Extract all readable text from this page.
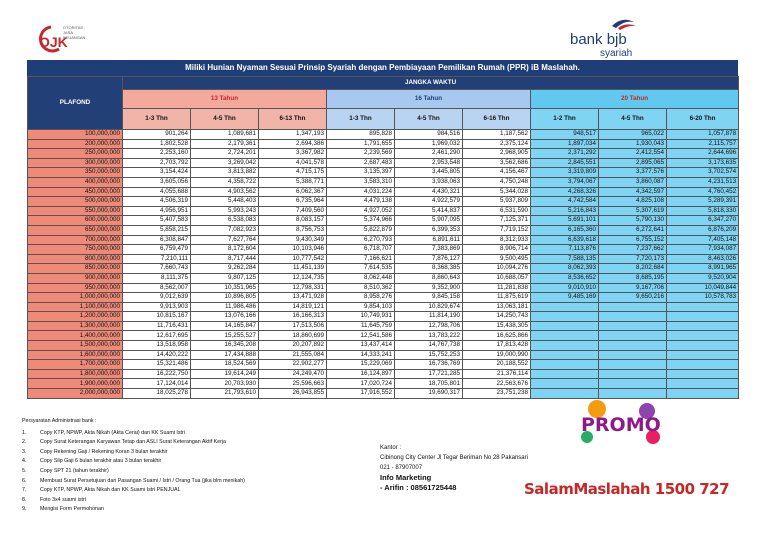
OJK
OTORITAS
JASA
KEUANGAN	bank bjb
syariah
Miliki Hunian Nyaman Sesuai Prinsip Syariah dengan Pembiayaan Pemilikan Rumah (PPR) iB Maslahah.
PLAFOND	JANGKA WAKTU								
	13 Tahun			16 Tahun			20 Tahun		
	1-3 Thn	4-5 Thn	6-13 Thn	1-3 Thn	4-5 Thn	6-16 Thn	1-2 Thn	4-5 Thn	6-20 Thn
100,000,000	901,264	1,089,681	1,347,193	895,828	984,516	1,187,562	948,517	965,022	1,057,878
200,000,000	1,802,528	2,179,361	2,694,386	1,791,655	1,969,032	2,375,124	1,897,034	1,930,043	2,115,757
250,000,000	2,253,160	2,724,201	3,367,982	2,239,569	2,461,290	2,968,905	2,371,292	2,412,554	2,644,696
300,000,000	2,703,792	3,269,042	4,041,578	2,687,483	2,953,548	3,562,686	2,845,551	2,895,065	3,173,635
350,000,000	3,154,424	3,813,882	4,715,175	3,135,397	3,445,805	4,156,467	3,319,809	3,377,576	3,702,574
400,000,000	3,605,056	4,358,722	5,388,771	3,583,310	3,938,063	4,750,248	3,794,067	3,860,087	4,231,513
450,000,000	4,055,688	4,903,562	6,062,367	4,031,224	4,430,321	5,344,028	4,268,326	4,342,597	4,760,452
500,000,000	4,506,319	5,448,403	6,735,964	4,479,138	4,922,579	5,937,809	4,742,584	4,825,108	5,289,391
550,000,000	4,956,951	5,993,243	7,409,560	4,927,052	5,414,837	6,531,590	5,216,843	5,307,619	5,818,330
600,000,000	5,407,583	6,538,083	8,083,157	5,374,966	5,907,095	7,125,371	5,691,101	5,790,130	6,347,270
650,000,000	5,858,215	7,082,923	8,756,753	5,822,879	6,399,353	7,719,152	6,165,360	6,272,641	6,876,209
700,000,000	6,308,847	7,627,764	9,430,349	6,270,793	6,891,611	8,312,933	6,639,618	6,755,152	7,405,148
750,000,000	6,759,479	8,172,604	10,103,946	6,718,707	7,383,869	8,906,714	7,113,876	7,237,662	7,934,087
800,000,000	7,210,111	8,717,444	10,777,542	7,166,621	7,876,127	9,500,495	7,588,135	7,720,173	8,463,026
850,000,000	7,660,743	9,262,284	11,451,139	7,614,535	8,368,385	10,094,276	8,062,393	8,202,684	8,991,965
900,000,000	8,111,375	9,807,125	12,124,735	8,062,448	8,860,643	10,688,057	8,536,652	8,685,195	9,520,904
950,000,000	8,562,007	10,351,965	12,798,331	8,510,362	9,352,900	11,281,838	9,010,910	9,167,706	10,049,844
1,000,000,000	9,012,639	10,896,805	13,471,928	8,958,276	9,845,158	11,875,619	9,485,169	9,650,216	10,578,783
1,100,000,000	9,913,903	11,986,486	14,819,121	9,854,103	10,829,674	13,063,181			
1,200,000,000	10,815,167	13,076,166	16,166,313	10,749,931	11,814,190	14,250,743			
1,300,000,000	11,716,431	14,165,847	17,513,506	11,645,759	12,798,706	15,438,305			
1,400,000,000	12,617,695	15,255,527	18,860,699	12,541,586	13,783,222	16,625,866			
1,500,000,000	13,518,958	16,345,208	20,207,892	13,437,414	14,767,738	17,813,428			
1,600,000,000	14,420,222	17,434,888	21,555,084	14,333,241	15,752,253	19,000,990			
1,700,000,000	15,321,486	18,524,569	22,902,277	15,229,069	16,736,769	20,188,552			
1,800,000,000	16,222,750	19,614,249	24,249,470	16,124,897	17,721,285	21,376,114			
1,900,000,000	17,124,014	20,703,930	25,596,663	17,020,724	18,705,801	22,563,676			
2,000,000,000	18,025,278	21,793,610	26,943,855	17,916,552	19,690,317	23,751,238			
Persyaratan Administrasi bank :
1.	Copy KTP, NPWP, Akta Nikah (Akta Cerai) dan KK Suami Istri
2.	Copy Surat Keterangan Karyawan Tetap dan ASLI Surat Keterangan Aktif Kerja
3.	Copy Rekening Gaji / Rekening Koran 3 bulan terakhir
4.	Copy Slip Gaji 6 bulan terakhir atau 3 bulan terakhir
5.	Copy SPT 21 (tahun terakhir)
6.	Membuat Surat Persetujuan dari Pasangan Suami / Istri / Orang Tua (jika blm menikah)
7.	Copy KTP, NPWP, Akta Nikah dan KK Suami Istri PENJUAL
8.	Foto 3x4 suami istri
9.	Mengisi Form Permohonan
Kantor :
Cibinong City Center Jl Tegar Beriman No 28 Pakansari
021 - 87907007
Info Marketing
- Arifin : 08561725448
PROMO
50%
SalamMaslahah 1500 727
